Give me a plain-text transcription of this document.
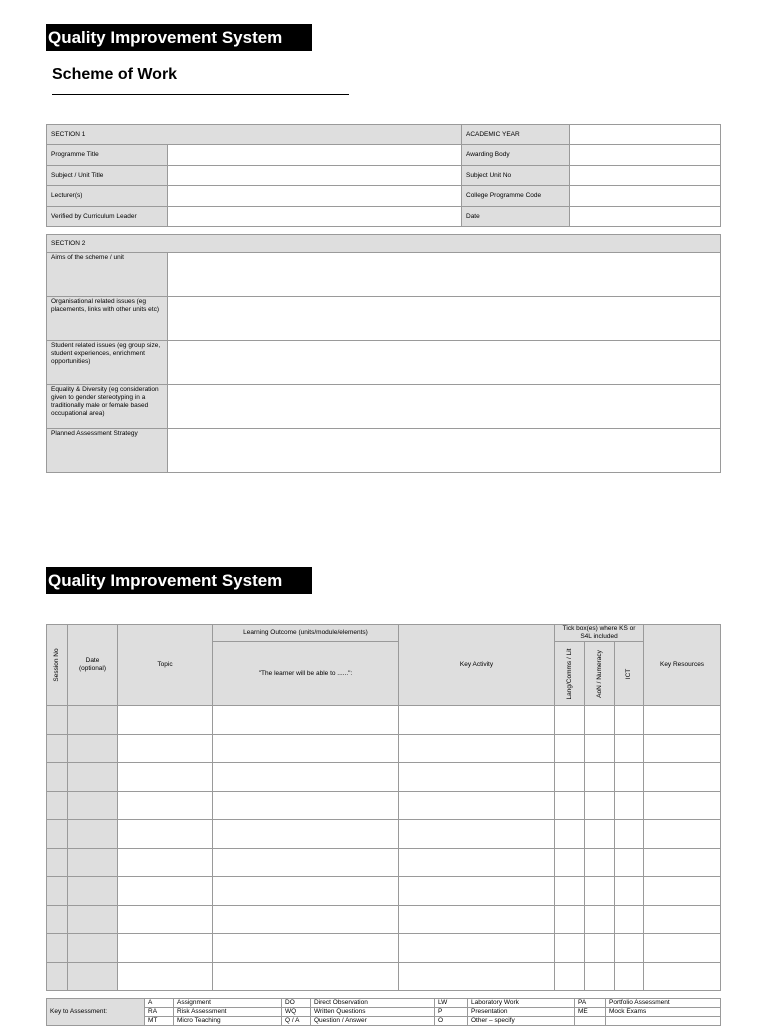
Quality Improvement System
Scheme of Work
SECTION 1		ACADEMIC YEAR	
Programme Title		Awarding Body	
Subject / Unit Title		Subject Unit No	
Lecturer(s)		College Programme Code	
Verified by Curriculum Leader		Date	
SECTION 2	
Aims of the scheme / unit	
Organisational related issues (eg placements, links with other units etc)	
Student related issues (eg group size, student experiences, enrichment opportunities)	
Equality & Diversity (eg consideration given to gender stereotyping in a traditionally male or female based occupational area)	
Planned Assessment Strategy	
Quality Improvement System
Session No	Date (optional)	Topic	Learning Outcome (units/module/elements)	Key Activity	Tick box(es) where KS or S4L included			Key Resources
			"The learner will be able to ......":		Lang/Comms / Lit	AoN / Numeracy	ICT	

Key to Assessment:	A	Assignment	DO	Direct Observation	LW	Laboratory Work	PA	Portfolio Assessment
	RA	Risk Assessment	WQ	Written Questions	P	Presentation	ME	Mock Exams
	MT	Micro Teaching	Q / A	Question / Answer	O	Other – specify		
